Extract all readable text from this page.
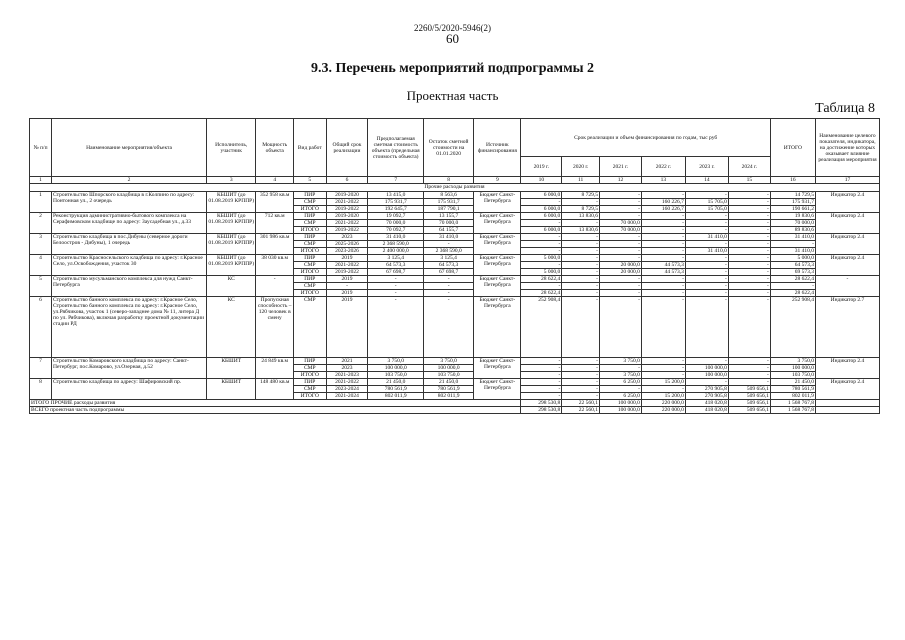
2260/5/2020-5946(2)
60
9.3. Перечень мероприятий подпрограммы 2
Проектная часть
Таблица 8
№ п/п	Наименование мероприятия/объекта	Исполнитель, участник	Мощность объекта	Вид работ	Общий срок реализации	Предполагаемая сметная стоимость объекта (предельная стоимость объекта)	Остаток сметной стоимости на 01.01.2020	Источник финансирования	Срок реализации и объем финансирования по годам, тыс руб						ИТОГО	Наименование целевого показателя, индикатора, на достижение которых оказывает влияние реализация мероприятия
									2019 г.	2020 г.	2021 г.	2022 г.	2023 г.	2024 г.		
1	2	3	4	5	6	7	8	9	10	11	12	13	14	15	16	17
Прочие расходы развития																
1	Строительство Шпорского кладбища в г.Колпино по адресу: Понтонная ул., 2 очередь	КБШИТ (до 01.08.2019 КРППР)	352 958 кв.м	ПИР	2019-2020	13 415,0	8 563,6	Бюджет Санкт-Петербурга	6 000,0	8 729,5	-	-	-	-	14 729,5	Индикатор 2.4
				СМР	2021-2022	175 931,7	175 931,7		-	-	-	160 226,7	15 705,0	-	175 931,7	
				ИТОГО	2019-2022	192 645,7	187 790,1		6 000,0	8 729,5	-	160 226,7	15 705,0	-	190 661,2	
2	Реконструкция административно-бытового комплекса на Серафимовском кладбище по адресу: Заусадебная ул., д.33	КБШИТ (до 01.08.2019 КРППР)	712 кв.м	ПИР	2019-2020	19 092,7	13 155,7	Бюджет Санкт-Петербурга	6 000,0	13 830,6	-	-	-	-	19 830,6	Индикатор 2.4
				СМР	2021-2022	70 000,0	70 000,0		-	-	70 000,0	-	-	-	70 000,0	
				ИТОГО	2019-2022	70 092,7	64 155,7		6 000,0	13 830,6	70 000,0	-	-	-	89 830,6	
3	Строительство кладбища в пос.Дибуны (северное дороги Белоостров - Дибуны), 1 очередь	КБШИТ (до 01.08.2019 КРППР)	301 986 кв.м	ПИР	2023	31 410,0	31 410,0	Бюджет Санкт-Петербурга	-	-	-	-	31 410,0	-	31 410,0	Индикатор 2.4
				СМР	2025-2026	2 368 590,0	-		-	-	-	-	-	-	-	
				ИТОГО	2023-2026	2 400 000,0	2 368 590,0		-	-	-	-	31 410,0	-	31 410,0	
4	Строительство Красносельского кладбища по адресу: г.Красное Село, ул.Освобождения, участок 30	КБШИТ (до 01.08.2019 КРППР)	38 030 кв.м	ПИР	2019	3 125,4	3 125,4	Бюджет Санкт-Петербурга	5 000,0	-	-	-	-	-	5 000,0	Индикатор 2.4
				СМР	2021-2022	64 573,3	64 573,3		-	-	20 000,0	44 573,3	-	-	64 573,3	
				ИТОГО	2019-2022	67 698,7	67 698,7		5 000,0	-	20 000,0	44 573,3	-	-	69 573,3	
5	Строительство мусульманского комплекса для нужд Санкт-Петербурга	КС	-	ПИР	2019	-	-	Бюджет Санкт-Петербурга	28 622,4	-	-	-	-	-	28 622,4	-
				СМР	-	-	-		-	-	-	-	-	-	-	
				ИТОГО	2019	-	-		28 622,4	-	-	-	-	-	28 622,4	
6	Строительство банного комплекса по адресу: г.Красное Село, Строительство банного комплекса по адресу: г.Красное Село, ул.Рябчикова, участок 1 (северо-западнее дома № 11, литера Д по ул. Рябчикова), включая разработку проектной документации стадии РД	КС	Пропускная способность – 120 человек в смену	СМР	2019	-	-	Бюджет Санкт-Петербурга	252 908,4	-	-	-	-	-	252 908,4	Индикатор 2.7
7	Строительство Комаровского кладбища по адресу: Санкт-Петербург, пос.Комарово, ул.Озерная, д.52	КБШИТ	24 849 кв.м	ПИР	2021	3 750,0	3 750,0	Бюджет Санкт-Петербурга	-	-	3 750,0	-	-	-	3 750,0	Индикатор 2.4
				СМР	2023	100 000,0	100 000,0		-	-	-	-	100 000,0	-	100 000,0	
				ИТОГО	2021-2023	103 750,0	103 750,0		-	-	3 750,0	-	100 000,0	-	103 750,0	
8	Строительство кладбища по адресу: Шафировский пр.	КБШИТ	148 480 кв.м	ПИР	2021-2022	21 450,0	21 450,0	Бюджет Санкт-Петербурга	-	-	6 250,0	15 200,0	-	-	21 450,0	Индикатор 2.4
				СМР	2023-2024	780 561,9	780 561,9		-	-	-	-	270 905,8	509 656,1	780 561,9	
				ИТОГО	2021-2024	802 011,9	802 011,9		-	-	6 250,0	15 200,0	270 905,8	509 656,1	802 011,9	
ИТОГО ПРОЧИЕ расходы развития									298 530,8	22 560,1	100 000,0	220 000,0	418 020,8	509 656,1	1 568 767,8	
ВСЕГО проектная часть подпрограммы									298 530,8	22 560,1	100 000,0	220 000,0	418 020,8	509 656,1	1 568 767,8	
